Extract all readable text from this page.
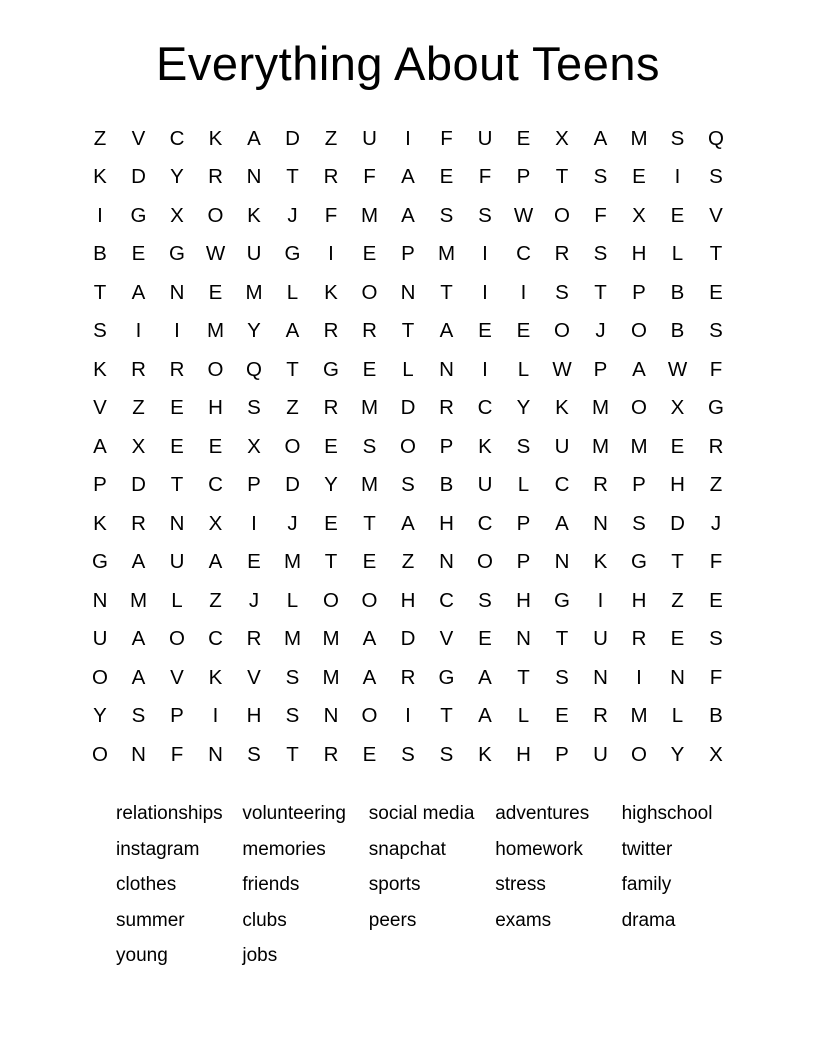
Everything About Teens
Z V C K A D Z U I F U E X A M S Q
K D Y R N T R F A E F P T S E I S
I G X O K J F M A S S W O F X E V
B E G W U G I E P M I C R S H L T
T A N E M L K O N T I I S T P B E
S I I M Y A R R T A E E O J O B S
K R R O Q T G E L N I L W P A W F
V Z E H S Z R M D R C Y K M O X G
A X E E X O E S O P K S U M M E R
P D T C P D Y M S B U L C R P H Z
K R N X I J E T A H C P A N S D J
G A U A E M T E Z N O P N K G T F
N M L Z J L O O H C S H G I H Z E
U A O C R M M A D V E N T U R E S
O A V K V S M A R G A T S N I N F
Y S P I H S N O I T A L E R M L B
O N F N S T R E S S K H P U O Y X
relationships
instagram
clothes
summer
young
volunteering
memories
friends
clubs
jobs
social media
snapchat
sports
peers
adventures
homework
stress
exams
highschool
twitter
family
drama
